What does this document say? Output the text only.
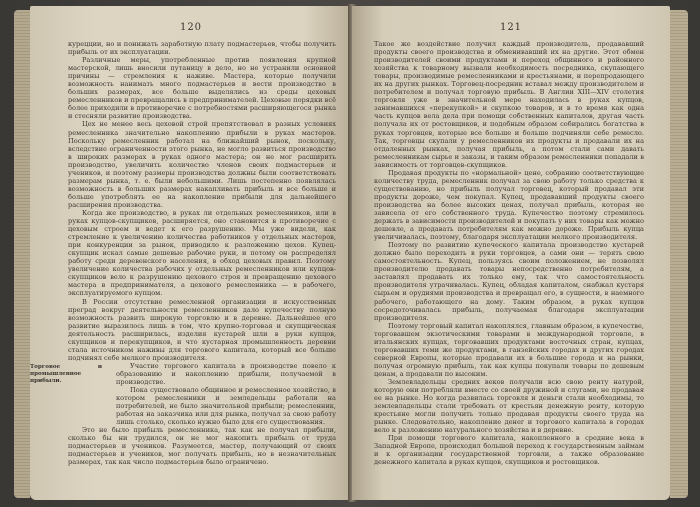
120

курецции, но и понижать заработную плату подмастерьев, чтобы получить прибыль от их эксплуатации.

Различные меры, употребленные против появления крупной мастерской, лишь вносили путаницу в дело, но не устранили основной причины — стремления к наживе. Мастера, которые получили возможность нанимать много подмастерьев и вести производство в больших размерах, все больше выделялись из среды цеховых ремесленников и превращались в предпринимателей. Цеховые порядки всё более приходили в противоречие с потребностями расширяющегося рынка и стесняли развитие производства.

Цех не менее весь цеховой строй препятствовал в разных условиях ремесленника значительно накоплению прибыли в руках мастеров. Поскольку ремесленник работал на ближайший рынок, поскольку, вследствие ограниченности этого рынка, не могло развиться производство в широких размерах в руках одного мастера; он не мог расширить производство, увеличить количество членов своих подмастерьев и учеников, и поэтому размеры производства должны были соответствовать размерам рынка, т. е. были небольшими. Лишь постепенно появлялась возможность в больших размерах накапливать прибыль и все больше и больше употреблять ее на накопление прибыли для дальнейшего расширения производства.

Когда же производство, в руках ли отдельных ремесленников, или в руках купцов-скупщиков, расширяется, оно становится в противоречие с цеховым строем и ведет к его разрушению. Мы уже видели, как стремление к увеличению количества работников у отдельных мастеров, при конкуренции за рынок, приводило к разложению цехов. Купец-скупщик искал самые дешевые рабочие руки, и потому он распределял работу среди деревенского населения, в обход цеховых правил. Поэтому увеличение количества рабочих у отдельных ремесленников или купцов-скупщиков вело к разрушению цехового строя и превращению цехового мастера в предпринимателя, а цехового ремесленника — в рабочего, эксплуатируемого купцом.

В России отсутствие ремесленной организации и искусственных преград вокруг деятельности ремесленников дало купечеству полную возможность развить широкую торговлю и в деревне. Дальнейшее его развитие выразилось лишь в том, что крупно-торговая и скупщическая деятельность расширилась, изделия кустарей шли в руки купцов, скупщиков и перекупщиков, и что кустарная промышленность деревни стала источником наживы для торгового капитала, который все больше подчинял себе мелкого производителя.

Торговое и промышленное прибыли.

Участие торгового капитала в производстве повело к образованию и накоплению прибыли, получаемой в производстве.

Пока существовало общинное и ремесленное хозяйство, в котором ремесленники и земледельцы работали на потребителей, не было значительной прибыли; ремесленник, работая на заказчика или для рынка, получал за свою работу лишь столько, сколько нужно было для его существования.

Это не было прибыль ремесленника, так как не получал прибыли, сколько бы ни трудился, он не мог накопить прибыль от труда подмастерьев и учеников. Разумеется, мастер, получающий от своих подмастерьев и учеников, мог получать прибыль, но в незначительных размерах, так как число подмастерьев было ограничено.

121

Такое же воздействие получил каждый производитель, продававший продукты своего производства и обменивавший их на другие. Этот обмен производителей своими продуктами и переход общинного и районного хозяйства к товарному вызвали необходимость посредника, скупающего товары, производимые ремесленниками и крестьянами, и перепродающего их на других рынках. Торговец-посредник вставал между производителем и потребителем и получал торговую прибыль. В Англии XIII—XIV столетия торговля уже в значительной мере находилась в руках купцов, занимавшихся «перекупкой» и скупкою товаров, и в то время как одна часть купцов вела дела при помощи собственных капиталов, другая часть получала их от ростовщиков, и подобным образом собирались богатства в руках торговцев, которые все больше и больше подчиняли себе ремесло. Так, торговцы скупали у ремесленников их продукты и продавали их на отдаленных рынках, получая прибыль, а потом стали сами давать ремесленникам сырье и заказы, и таким образом ремесленники попадали в зависимость от торговцев-скупщиков.

Продавая продукты по «нормальной» цене, собранию соответствующие количеству труда, ремесленник получал за свою работу только средства к существованию, но прибыль получал торговец, который продавал эти продукты дороже, чем покупал. Купец, продававший продукты своего производства на более высоких ценах, получал прибыль, которая не зависела от его собственного труда. Купечество поэтому стремилось держать в зависимости производителей и покупать у них товары как можно дешевле, а продавать потребителям как можно дороже. Прибыль купца увеличивалась, поэтому, благодаря эксплуатации мелкого производителя.

Поэтому по развитию купеческого капитала производство кустарей должно было переходить в руки торговцев, а сами они — терять свою самостоятельность. Купец, пользуясь своим положением, не позволял производителю продавать товары непосредственно потребителям, а заставлял продавать их только ему, так что самостоятельность производителя утрачивалась. Купец, обладая капиталом, снабжал кустаря сырьем и орудиями производства и превращал его, в сущности, в наемного рабочего, работающего на дому. Таким образом, в руках купцов сосредоточивалась прибыль, получаемая благодаря эксплуатации производителя.

Поэтому торговый капитал накоплялся, главным образом, в купечестве, торговавшем экзотическими товарами в международной торговле, в итальянских купцах, торговавших продуктами восточных стран, купцах, торговавших теми же продуктами, в ганзейских городах и других городах северной Европы, которые продавали их в большие города и на рынки, получая огромную прибыль, так как купцы покупали товары по дешевым ценам, а продавали по высоким.

Землевладельцы средних веков получали всю свою ренту натурой, которую они потребляли вместе со своей дружиной и слугами, не продавая ее на рынке. Но когда развилась торговля и деньги стали необходимы, то землевладельцы стали требовать от крестьян денежную ренту, которую крестьяне могли получить только продавая продукты своего труда на рынке. Следовательно, накопление денег и торгового капитала в городах вело к разложению натурального хозяйства и в деревне.

При помощи торгового капитала, накопленного в средние века в Западной Европе, происходил большой переход к государственным займам и к организации государственной торговли, а также образование денежного капитала в руках купцов, скупщиков и ростовщиков.
